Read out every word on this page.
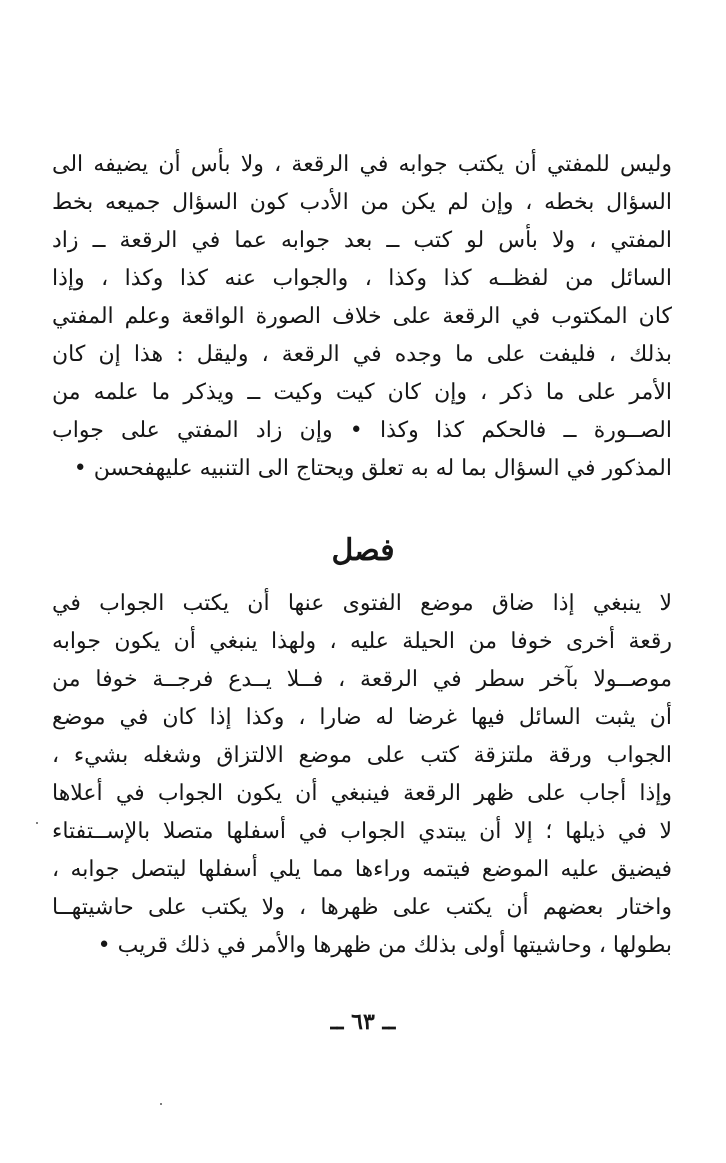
وليس للمفتي أن يكتب جوابه في الرقعة ، ولا بأس أن يضيفه الى
السؤال بخطه ، وإن لم يكن من الأدب كون السؤال جميعه بخط
المفتي ، ولا بأس لو كتب ــ بعد جوابه عما في الرقعة ــ زاد
السائل من لفظــه كذا وكذا ، والجواب عنه كذا وكذا ، وإذا
كان المكتوب في الرقعة على خلاف الصورة الواقعة وعلم المفتي
بذلك ، فليفت على ما وجده في الرقعة ، وليقل : هذا إن كان
الأمر على ما ذكر ، وإن كان كيت وكيت ــ ويذكر ما علمه من
الصــورة ــ فالحكم كذا وكذا • وإن زاد المفتي على جواب
المذكور في السؤال بما له به تعلق ويحتاج الى التنبيه عليهفحسن •
فصل
لا ينبغي إذا ضاق موضع الفتوى عنها أن يكتب الجواب في
رقعة أخرى خوفا من الحيلة عليه ، ولهذا ينبغي أن يكون جوابه
موصــولا بآخر سطر في الرقعة ، فــلا يــدع فرجــة خوفا من
أن يثبت السائل فيها غرضا له ضارا ، وكذا إذا كان في موضع
الجواب ورقة ملتزقة كتب على موضع الالتزاق وشغله بشيء ،
وإذا أجاب على ظهر الرقعة فينبغي أن يكون الجواب في أعلاها
لا في ذيلها ؛ إلا أن يبتدي الجواب في أسفلها متصلا بالإســتفتاء
فيضيق عليه الموضع فيتمه وراءها مما يلي أسفلها ليتصل جوابه ،
واختار بعضهم أن يكتب على ظهرها ، ولا يكتب على حاشيتهــا
بطولها ، وحاشيتها أولى بذلك من ظهرها والأمر في ذلك قريب •
ــ ٦٣ ــ
